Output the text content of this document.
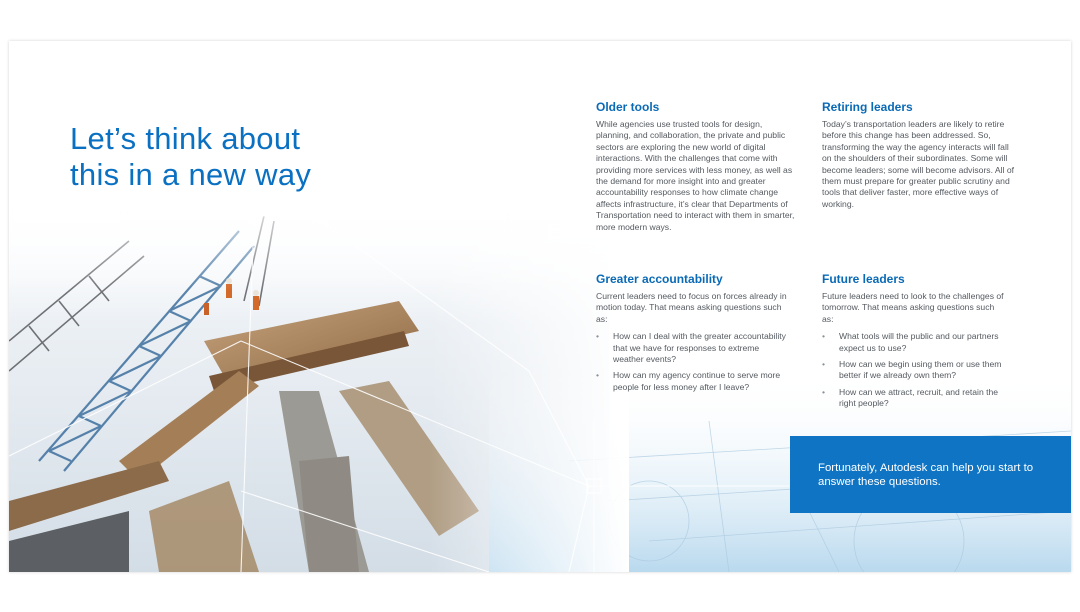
Let’s think about
this in a new way
Older tools

While agencies use trusted tools for design, planning, and collaboration, the private and public sectors are exploring the new world of digital interactions. With the challenges that come with providing more services with less money, as well as the demand for more insight into and greater accountability responses to how climate change affects infrastructure, it’s clear that Departments of Transportation need to interact with them in smarter, more modern ways.

Retiring leaders

Today’s transportation leaders are likely to retire before this change has been addressed. So, transforming the way the agency interacts will fall on the shoulders of their subordinates. Some will become leaders; some will become advisors. All of them must prepare for greater public scrutiny and tools that deliver faster, more effective ways of working.

Greater accountability

Current leaders need to focus on forces already in motion today. That means asking questions such as:

• How can I deal with the greater accountability that we have for responses to extreme weather events?
• How can my agency continue to serve more people for less money after I leave?
Future leaders

Future leaders need to look to the challenges of tomorrow. That means asking questions such as:

• What tools will the public and our partners expect us to use?
• How can we begin using them or use them better if we already own them?
• How can we attract, recruit, and retain the right people?

Fortunately, Autodesk can help you start to answer these questions.
